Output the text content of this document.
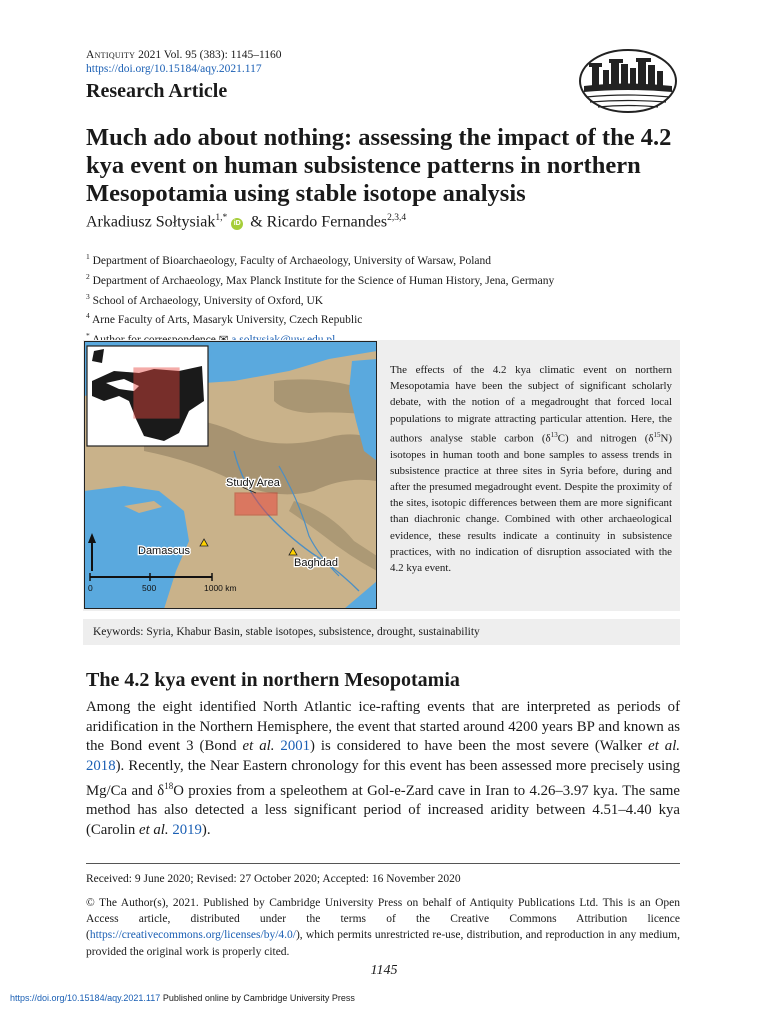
Antiquity 2021 Vol. 95 (383): 1145–1160
https://doi.org/10.15184/aqy.2021.117
Research Article
Much ado about nothing: assessing the impact of the 4.2 kya event on human subsistence patterns in northern Mesopotamia using stable isotope analysis
Arkadiusz Sołtysiak$^{1,*}$iD & Ricardo Fernandes$^{2,3,4}$
$^1$ Department of Bioarchaeology, Faculty of Archaeology, University of Warsaw, Poland
$^2$ Department of Archaeology, Max Planck Institute for the Science of Human History, Jena, Germany
$^3$ School of Archaeology, University of Oxford, UK
$^4$ Arne Faculty of Arts, Masaryk University, Czech Republic
*
Study Area
Damascus
Baghdad
0	500	1000 km
The effects of the 4.2 kya climatic event on northern Mesopotamia have been the subject of significant scholarly debate, with the notion of a megadrought that forced local populations to migrate attracting particular attention. Here, the authors analyse stable carbon $(\delta^{13}C)$ and nitrogen $(\delta^{15}N)$ isotopes in human tooth and bone samples to assess trends in subsistence practice at three sites in Syria before, during and after the presumed megadrought event. Despite the proximity of the sites, isotopic differences between them are more significant than diachronic change. Combined with other archaeological evidence, these results indicate a continuity in subsistence practices, with no indication of disruption associated with the 4.2 kya event.
Keywords: Syria, Khabur Basin, stable isotopes, subsistence, drought, sustainability
The 4.2 kya event in northern Mesopotamia
Among the eight identified North Atlantic ice-rafting events that are interpreted as periods of aridification in the Northern Hemisphere, the event that started around 4200 years BP and known as the Bond event 3 (Bond et al. 2001) is considered to have been the most severe (Walker et al. 2018). Recently, the Near Eastern chronology for this event has been assessed more precisely using Mg/Ca and $\delta^{18}O$ proxies from a speleothem at Gol-e-Zard cave in Iran to 4.26–3.97 kya. The same method has also detected a less significant period of increased aridity between 4.51–4.40 kya (Carolin et al. 2019).
Received: 9 June 2020; Revised: 27 October 2020; Accepted: 16 November 2020
© The Author(s), 2021. Published by Cambridge University Press on behalf of Antiquity Publications Ltd. This is an Open Access article, distributed under the terms of the Creative Commons Attribution licence (https://creativecommons.org/licenses/by/4.0/), which permits unrestricted re-use, distribution, and reproduction in any medium, provided the original work is properly cited.
1145
https://doi.org/10.15184/aqy.2021.117 Published online by Cambridge University Press
